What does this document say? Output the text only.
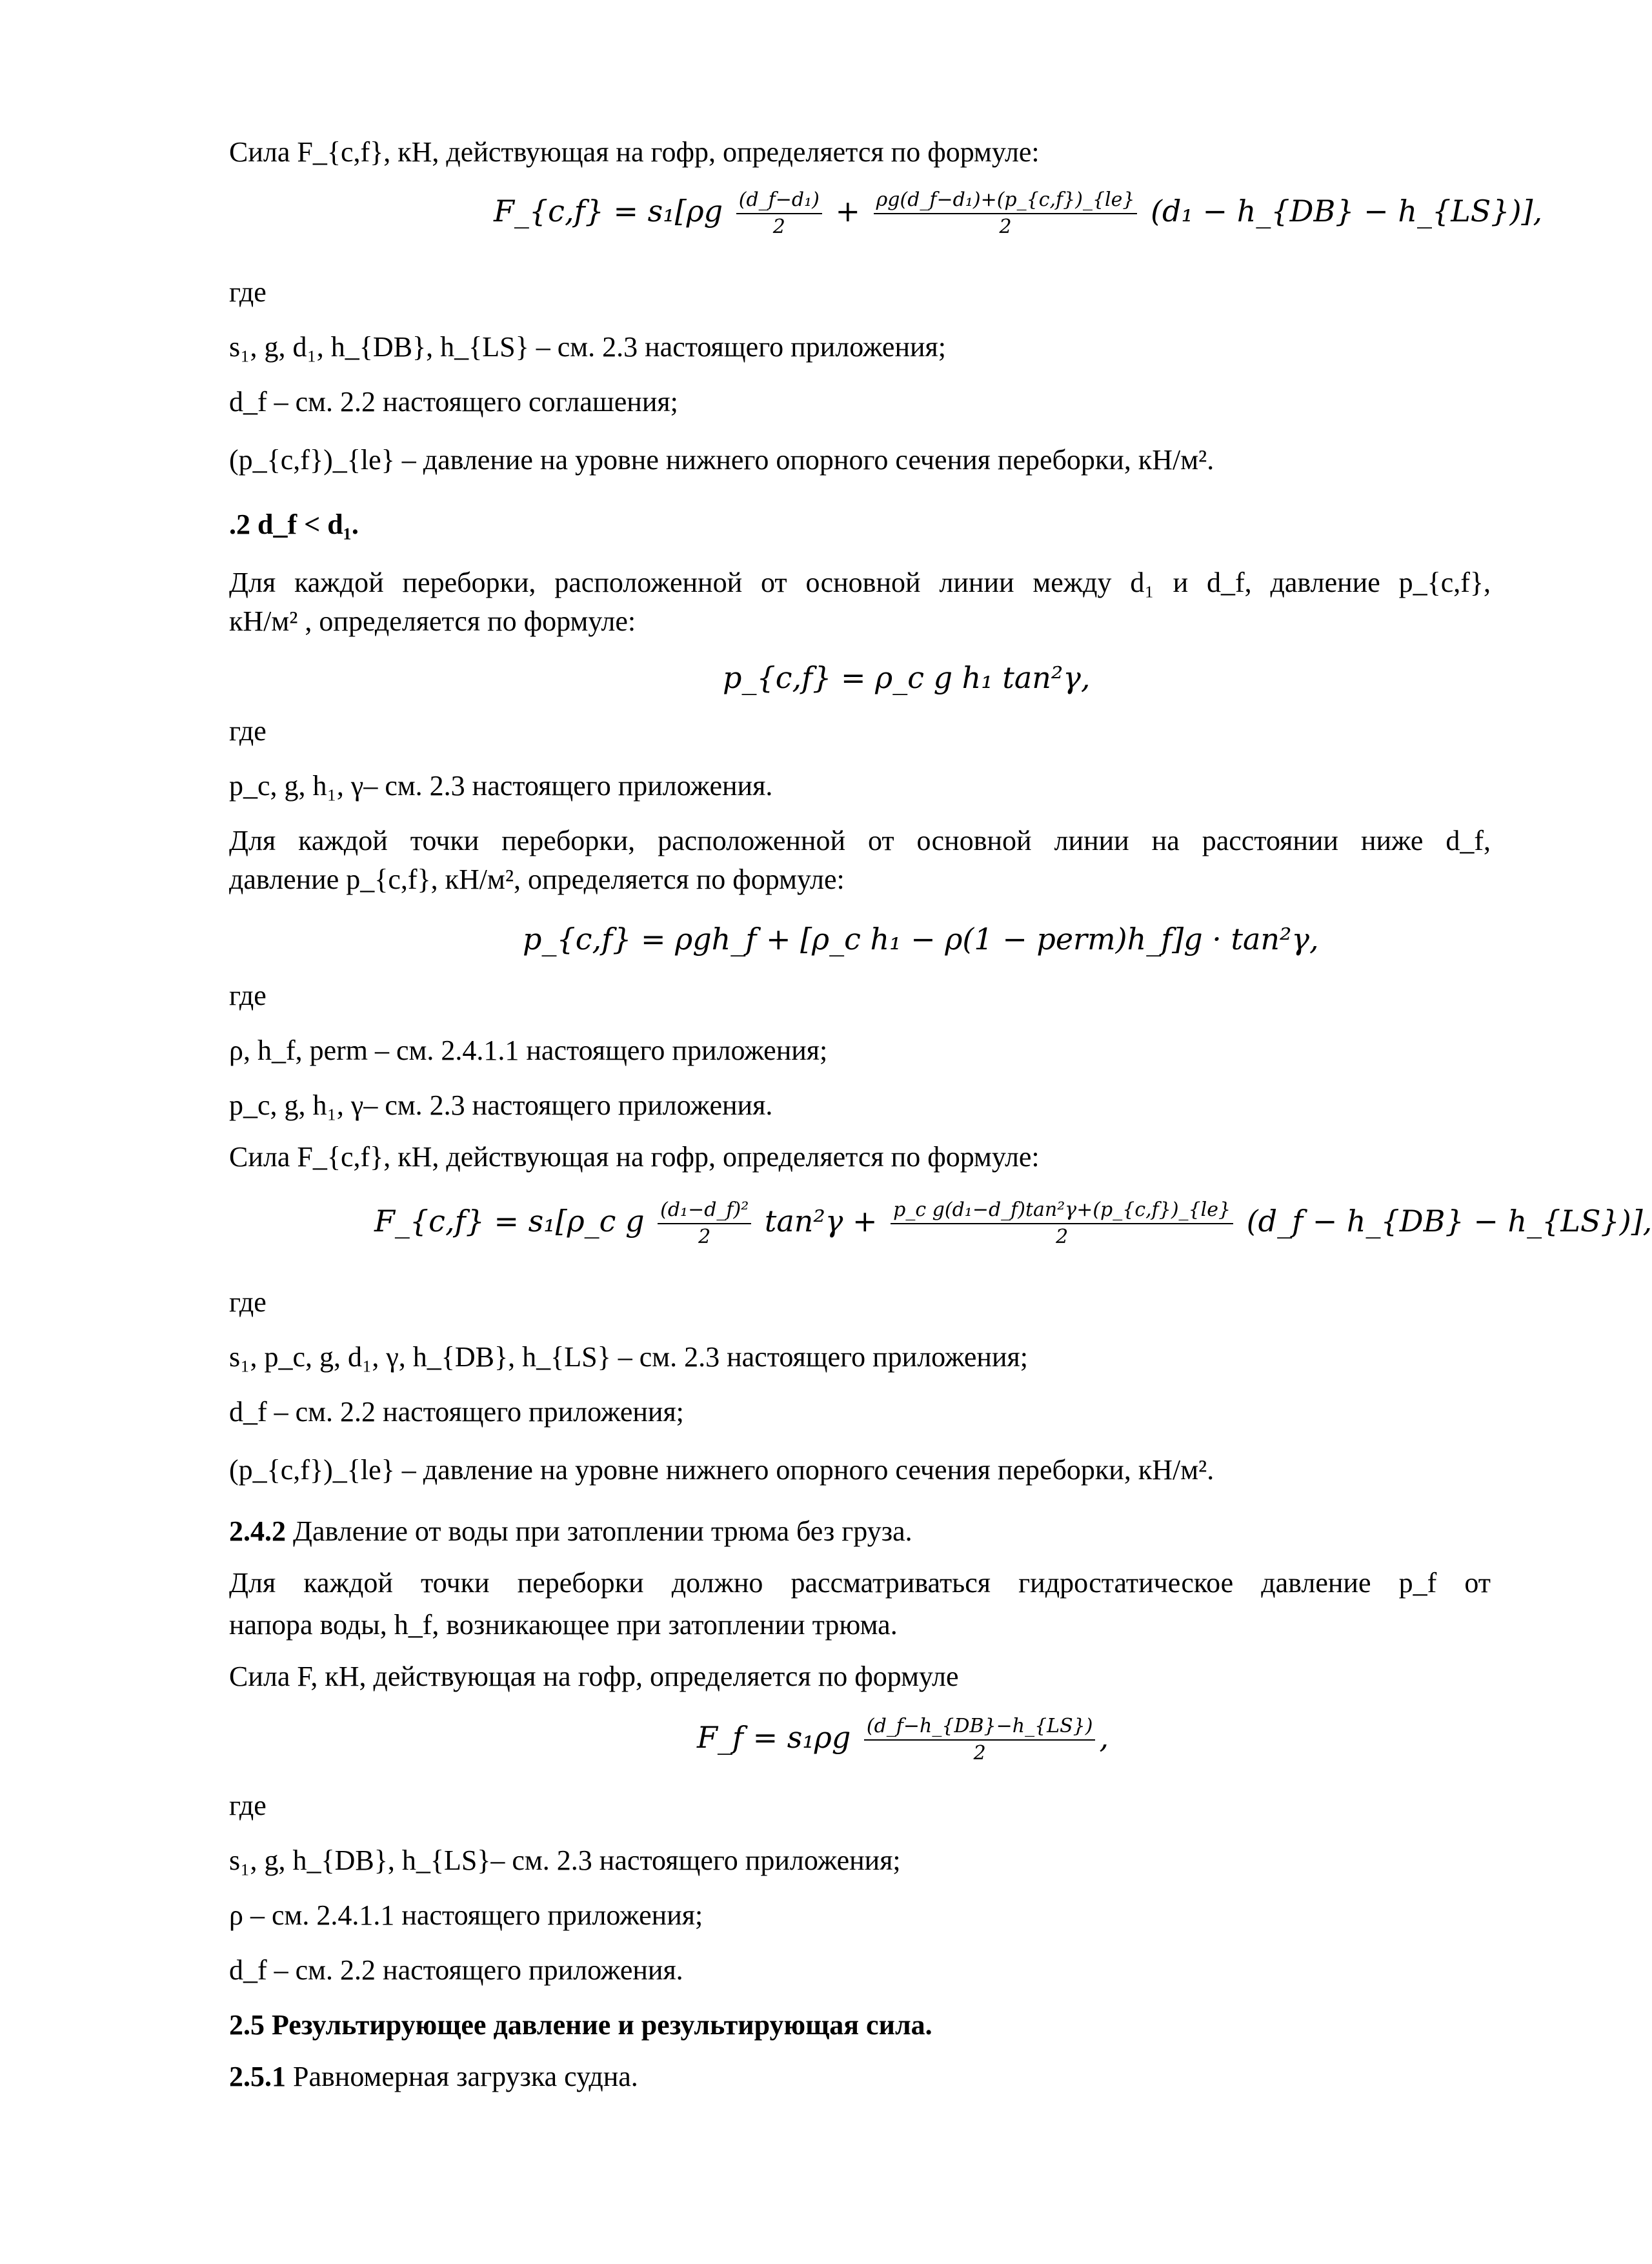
Сила F_{c,f}, кН, действующая на гофр, определяется по формуле:
F_{c,f} = $s_1[\rho g \frac{\text{(d\_f−d₁)}}{2} + \frac{\text{ρg(d\_f−d₁)+(p\_\{c,f\})\_\{le\}}}{2} (d_1$ − h_{DB} − h_{LS})],
где
s₁, g, d₁, h_{DB}, h_{LS} – см. 2.3 настоящего приложения;
d_f – см. 2.2 настоящего соглашения;
(p_{c,f})_{le} – давление на уровне нижнего опорного сечения переборки, кН/м².
.2 d_f < d₁.
Для каждой переборки, расположенной от основной линии между d₁ и d_f, давление p_{c,f},
кН/м² , определяется по формуле:
p_{c,f} = ρ_c g h₁ tan²γ,
где
p_c, g, h₁, γ– см. 2.3 настоящего приложения.
Для каждой точки переборки, расположенной от основной линии на расстоянии ниже d_f,
давление p_{c,f}, кН/м², определяется по формуле:
p_{c,f} = ρgh_f + [ρ_c h₁ − ρ(1 − perm)h_f]g · tan²γ,
где
ρ, h_f, perm – см. 2.4.1.1 настоящего приложения;
p_c, g, h₁, γ– см. 2.3 настоящего приложения.
Сила F_{c,f}, кН, действующая на гофр, определяется по формуле:
F_{c,f} = s₁[ρ_c g $\frac{\text{(d₁−d\_f)²}}{2} \tan^2\gamma + \frac{\text{p\_c g(d₁−d\_f)tan²γ+(p\_\{c,f\})\_\{le\}}}{2}$ (d_f − h_{DB} − h_{LS})],
где
s₁, p_c, g, d₁, γ, h_{DB}, h_{LS} – см. 2.3 настоящего приложения;
d_f – см. 2.2 настоящего приложения;
(p_{c,f})_{le} – давление на уровне нижнего опорного сечения переборки, кН/м².
2.4.2 Давление от воды при затоплении трюма без груза.
Для каждой точки переборки должно рассматриваться гидростатическое давление p_f от
напора воды, h_f, возникающее при затоплении трюма.
Сила F, кН, действующая на гофр, определяется по формуле
F_f = $s_1\rho g \frac{(d\_f-h\_\{DB\}-h\_\{LS\})}{2}$ ,
где
s₁, g, h_{DB}, h_{LS}– см. 2.3 настоящего приложения;
ρ – см. 2.4.1.1 настоящего приложения;
d_f – см. 2.2 настоящего приложения.
2.5 Результирующее давление и результирующая сила.
2.5.1 Равномерная загрузка судна.
